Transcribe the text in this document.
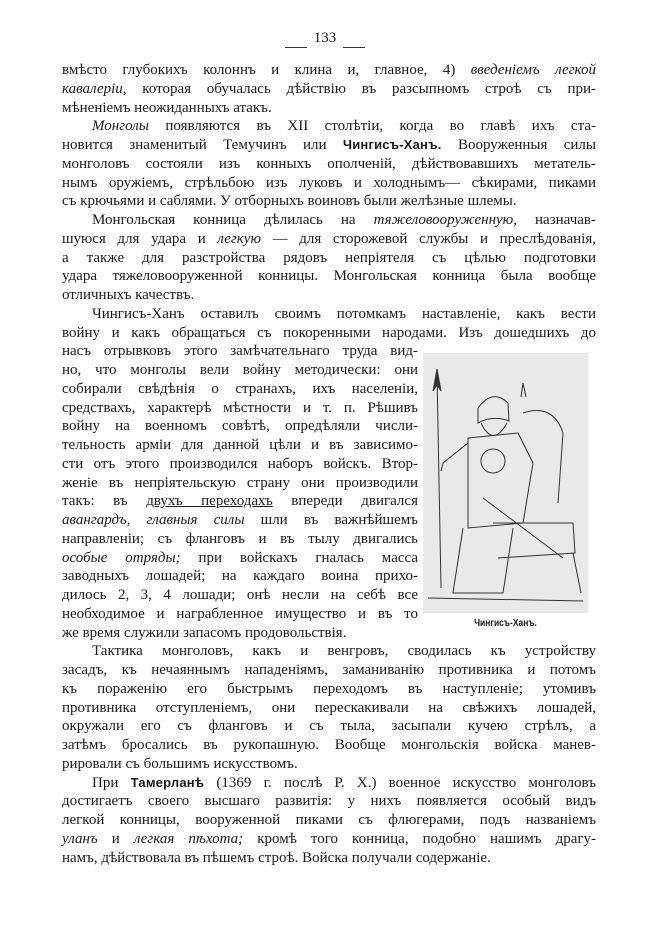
133
вмѣсто глубокихъ колоннъ и клина и, главное, 4) введеніемъ легкой
кавалеріи, которая обучалась дѣйствію въ разсыпномъ строѣ съ при-
мѣненіемъ неожиданныхъ атакъ.
Монголы появляются въ XII столѣтіи, когда во главѣ ихъ ста-
новится знаменитый Темучинъ или Чингисъ-Ханъ. Вооруженныя силы
монголовъ состояли изъ конныхъ ополченій, дѣйствовавшихъ метатель-
нымъ оружіемъ, стрѣльбою изъ луковъ и холоднымъ— сѣкирами, пиками
съ крючьями и саблями. У отборныхъ воиновъ были желѣзные шлемы.
Монгольская конница дѣлилась на тяжеловооруженную, назначав-
шуюся для удара и легкую — для сторожевой службы и преслѣдованія,
а также для разстройства рядовъ непріятеля съ цѣлью подготовки
удара тяжеловооруженной конницы. Монгольская конница была вообще
отличныхъ качествъ.
Чингисъ-Ханъ оставилъ своимъ потомкамъ наставленіе, какъ вести
войну и какъ обращаться съ покоренными народами. Изъ дошедшихъ до
насъ отрывковъ этого замѣчательнаго труда вид-
но, что монголы вели войну методически: они
собирали свѣдѣнія о странахъ, ихъ населеніи,
средствахъ, характерѣ мѣстности и т. п. Рѣшивъ
войну на военномъ совѣтѣ, опредѣляли числи-
тельность арміи для данной цѣли и въ зависимо-
сти отъ этого производился наборъ войскъ. Втор-
женіе въ непріятельскую страну они производили
такъ: въ двухъ переходахъ впереди двигался
авангардъ, главныя силы шли въ важнѣйшемъ
направленіи; съ фланговъ и въ тылу двигались
особые отряды; при войскахъ гналась масса
заводныхъ лошадей; на каждаго воина прихо-
дилось 2, 3, 4 лошади; онѣ несли на себѣ все
необходимое и награбленное имущество и въ то
же время служили запасомъ продовольствія.
Тактика монголовъ, какъ и венгровъ, сводилась къ устройству
засадъ, къ нечаяннымъ нападеніямъ, заманиванію противника и потомъ
къ пораженію его быстрымъ переходомъ въ наступленіе; утомивъ
противника отступленіемъ, они перескакивали на свѣжихъ лошадей,
окружали его съ фланговъ и съ тыла, засыпали кучею стрѣлъ, а
затѣмъ бросались въ рукопашную. Вообще монгольскія войска манев-
рировали съ большимъ искусствомъ.
При Тамерланѣ (1369 г. послѣ Р. Х.) военное искусство монголовъ
достигаетъ своего высшаго развитія: у нихъ появляется особый видъ
легкой конницы, вооруженной пиками съ флюгерами, подъ названіемъ
уланъ и легкая пѣхота; кромѣ того конница, подобно нашимъ драгу-
намъ, дѣйствовала въ пѣшемъ строѣ. Войска получали содержаніе.
Чингисъ-Ханъ.
